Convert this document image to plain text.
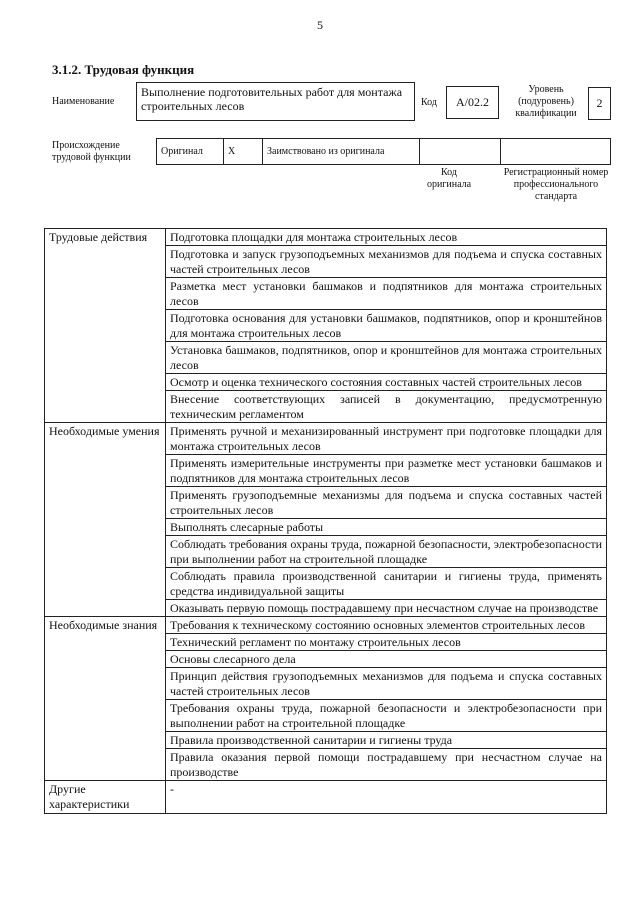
5
3.1.2. Трудовая функция
Наименование
Выполнение подготовительных работ для монтажа строительных лесов	Код	А/02.2
Уровень (подуровень) квалификации
2
Происхождение трудовой функции
Оригинал	X	Заимствовано из оригинала		
Код оригинала
Регистрационный номер профессионального стандарта
Трудовые действия	Подготовка площадки для монтажа строительных лесов
	Подготовка и запуск грузоподъемных механизмов для подъема и спуска составных частей строительных лесов
	Разметка мест установки башмаков и подпятников для монтажа строительных лесов
	Подготовка основания для установки башмаков, подпятников, опор и кронштейнов для монтажа строительных лесов
	Установка башмаков, подпятников, опор и кронштейнов для монтажа строительных лесов
	Осмотр и оценка технического состояния составных частей строительных лесов
	Внесение соответствующих записей в документацию, предусмотренную техническим регламентом
Необходимые умения	Применять ручной и механизированный инструмент при подготовке площадки для монтажа строительных лесов
	Применять измерительные инструменты при разметке мест установки башмаков и подпятников для монтажа строительных лесов
	Применять грузоподъемные механизмы для подъема и спуска составных частей строительных лесов
	Выполнять слесарные работы
	Соблюдать требования охраны труда, пожарной безопасности, электробезопасности при выполнении работ на строительной площадке
	Соблюдать правила производственной санитарии и гигиены труда, применять средства индивидуальной защиты
	Оказывать первую помощь пострадавшему при несчастном случае на производстве
Необходимые знания	Требования к техническому состоянию основных элементов строительных лесов
	Технический регламент по монтажу строительных лесов
	Основы слесарного дела
	Принцип действия грузоподъемных механизмов для подъема и спуска составных частей строительных лесов
	Требования охраны труда, пожарной безопасности и электробезопасности при выполнении работ на строительной площадке
	Правила производственной санитарии и гигиены труда
	Правила оказания первой помощи пострадавшему при несчастном случае на производстве
Другие характеристики	-
